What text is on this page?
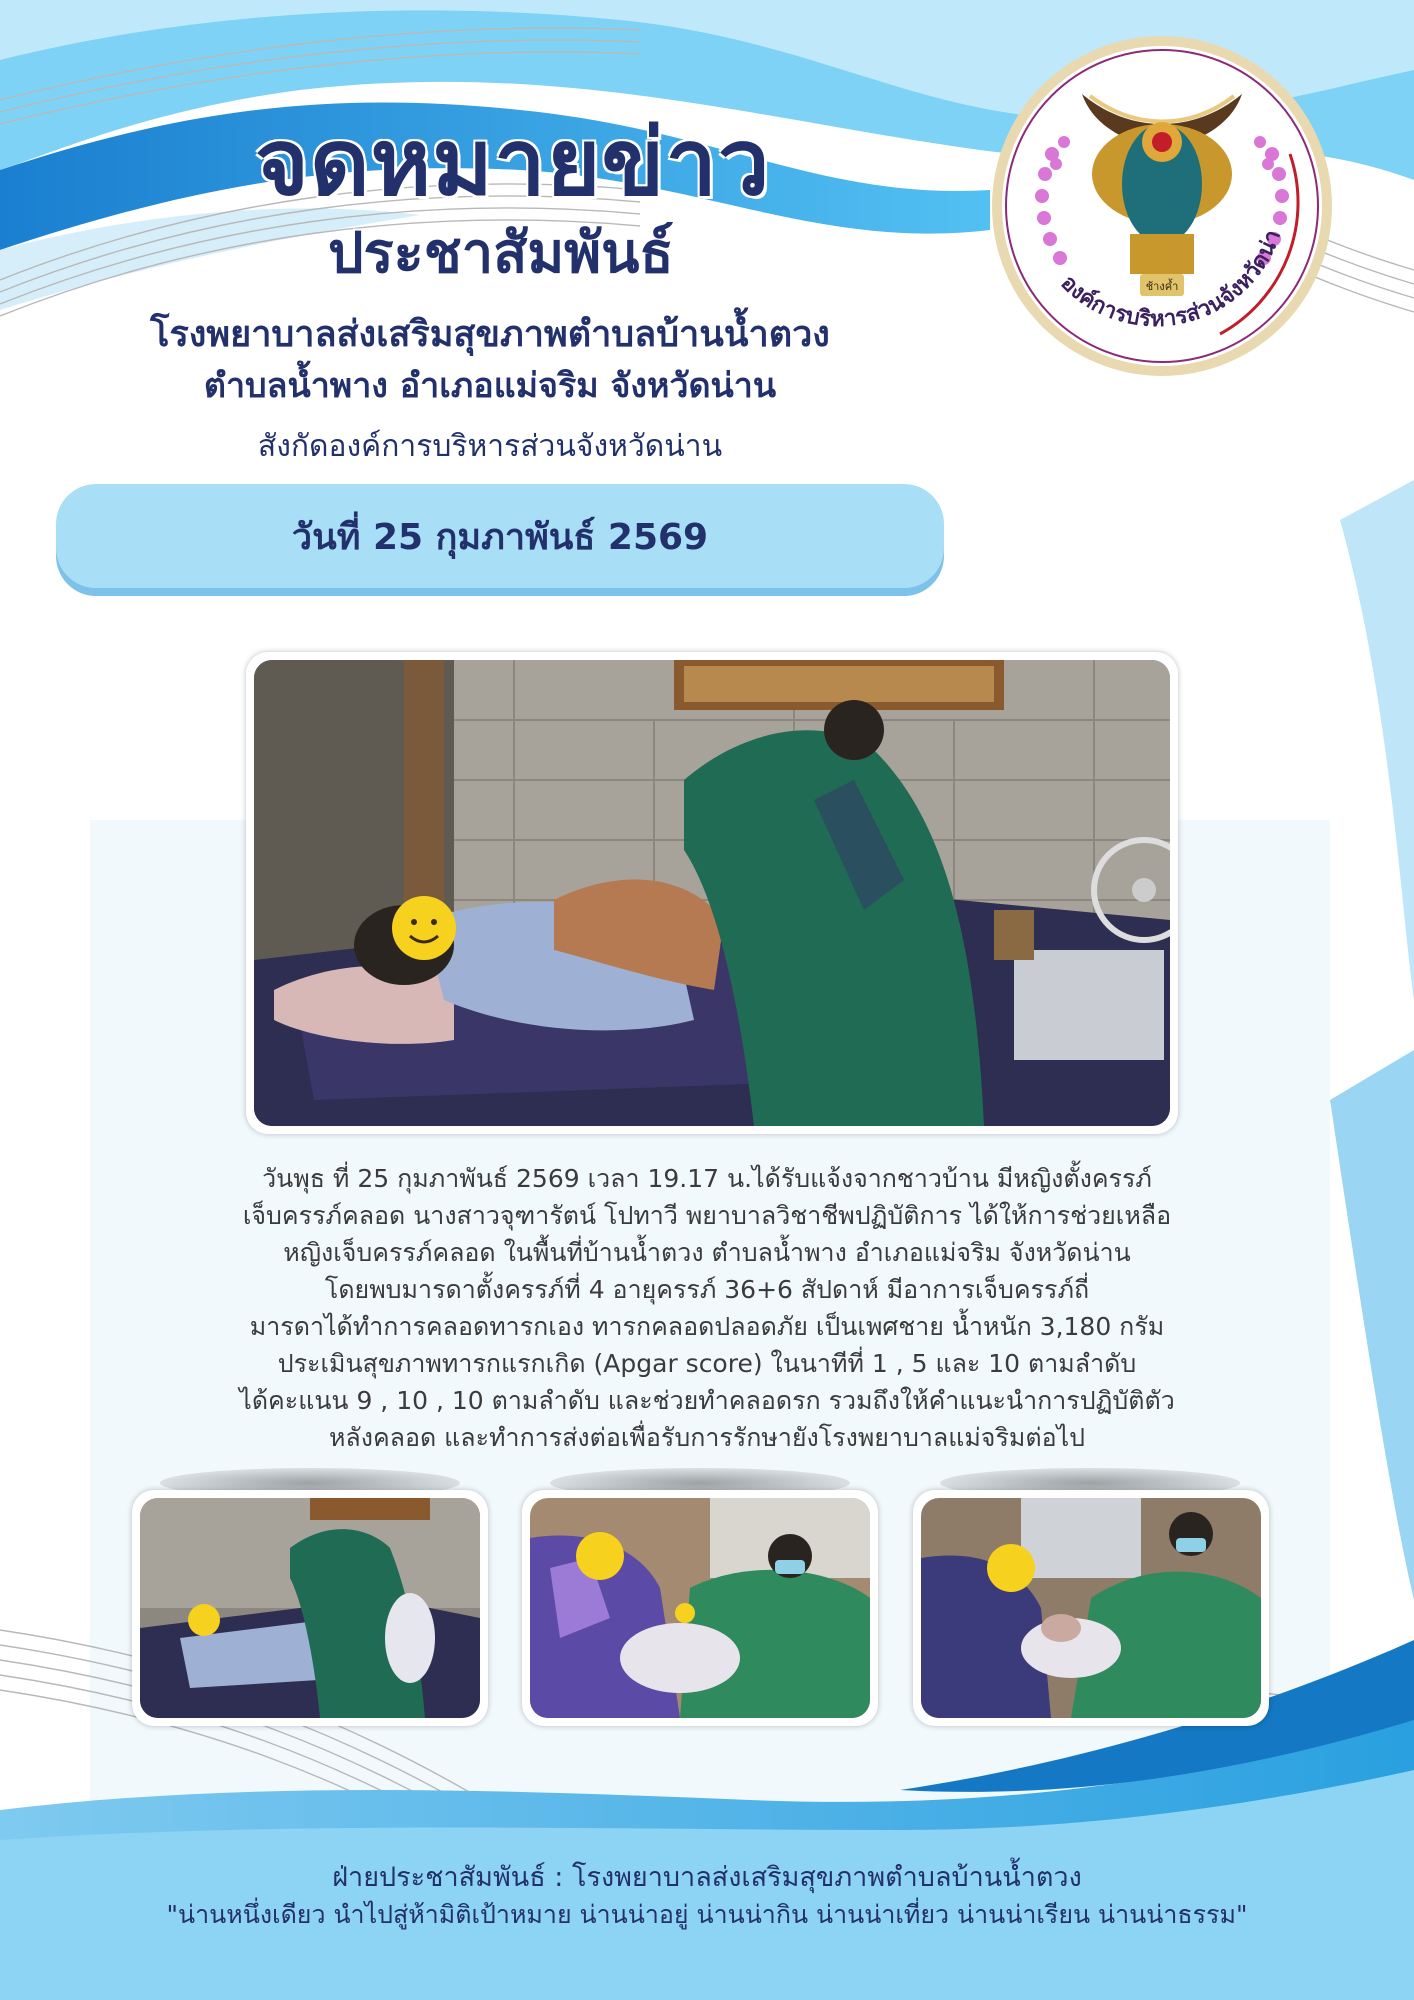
จดหมายข่าว
ประชาสัมพันธ์
โรงพยาบาลส่งเสริมสุขภาพตำบลบ้านน้ำตวง
ตำบลน้ำพาง อำเภอแม่จริม จังหวัดน่าน
สังกัดองค์การบริหารส่วนจังหวัดน่าน
วันที่ 25 กุมภาพันธ์ 2569
ช้างค้ำ
องค์การบริหารส่วนจังหวัดน่า
วันพุธ ที่ 25 กุมภาพันธ์ 2569 เวลา 19.17 น.ได้รับแจ้งจากชาวบ้าน มีหญิงตั้งครรภ์
เจ็บครรภ์คลอด นางสาวจุฑารัตน์ โปทาวี พยาบาลวิชาชีพปฏิบัติการ ได้ให้การช่วยเหลือ
หญิงเจ็บครรภ์คลอด ในพื้นที่บ้านน้ำตวง ตำบลน้ำพาง อำเภอแม่จริม จังหวัดน่าน
โดยพบมารดาตั้งครรภ์ที่ 4 อายุครรภ์ 36+6 สัปดาห์ มีอาการเจ็บครรภ์ถี่
มารดาได้ทำการคลอดทารกเอง ทารกคลอดปลอดภัย เป็นเพศชาย น้ำหนัก 3,180 กรัม
ประเมินสุขภาพทารกแรกเกิด (Apgar score) ในนาทีที่ 1 , 5 และ 10 ตามลำดับ
ได้คะแนน 9 , 10 , 10 ตามลำดับ และช่วยทำคลอดรก รวมถึงให้คำแนะนำการปฏิบัติตัว
หลังคลอด และทำการส่งต่อเพื่อรับการรักษายังโรงพยาบาลแม่จริมต่อไป
ฝ่ายประชาสัมพันธ์ : โรงพยาบาลส่งเสริมสุขภาพตำบลบ้านน้ำตวง
"น่านหนึ่งเดียว นำไปสู่ห้ามิติเป้าหมาย น่านน่าอยู่ น่านน่ากิน น่านน่าเที่ยว น่านน่าเรียน น่านน่าธรรม"
